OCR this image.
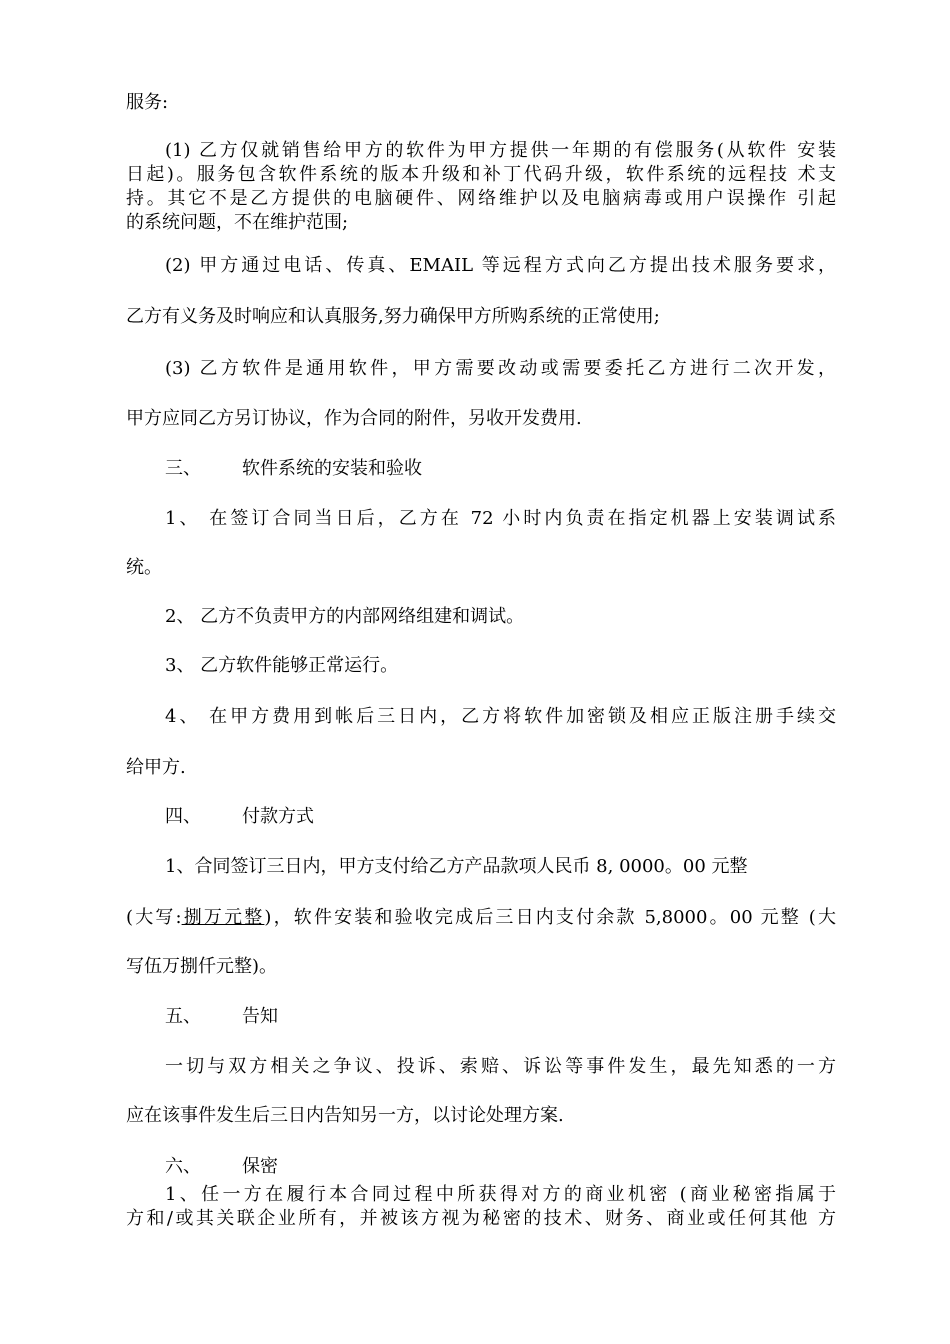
服务:
(1) 乙方仅就销售给甲方的软件为甲方提供一年期的有偿服务(从软件 安装
日起)。服务包含软件系统的版本升级和补丁代码升级，软件系统的远程技 术支
持。其它不是乙方提供的电脑硬件、网络维护以及电脑病毒或用户误操作 引起
的系统问题，不在维护范围;
(2) 甲方通过电话、传真、EMAIL 等远程方式向乙方提出技术服务要求，
乙方有义务及时响应和认真服务,努力确保甲方所购系统的正常使用;
(3) 乙方软件是通用软件，甲方需要改动或需要委托乙方进行二次开发，
甲方应同乙方另订协议，作为合同的附件，另收开发费用.
三、 软件系统的安装和验收
1、 在签订合同当日后，乙方在 72 小时内负责在指定机器上安装调试系
统。
2、 乙方不负责甲方的内部网络组建和调试。
3、 乙方软件能够正常运行。
4、 在甲方费用到帐后三日内，乙方将软件加密锁及相应正版注册手续交
给甲方.
四、 付款方式
1、合同签订三日内，甲方支付给乙方产品款项人民币 8, 0000。00 元整
(大写:捌万元整)，软件安装和验收完成后三日内支付余款 5,8000。00 元整 (大
写伍万捌仟元整)。
五、 告知
一切与双方相关之争议、投诉、索赔、诉讼等事件发生，最先知悉的一方
应在该事件发生后三日内告知另一方，以讨论处理方案.
六、 保密
1、任一方在履行本合同过程中所获得对方的商业机密 (商业秘密指属于
方和/或其关联企业所有，并被该方视为秘密的技术、财务、商业或任何其他 方
